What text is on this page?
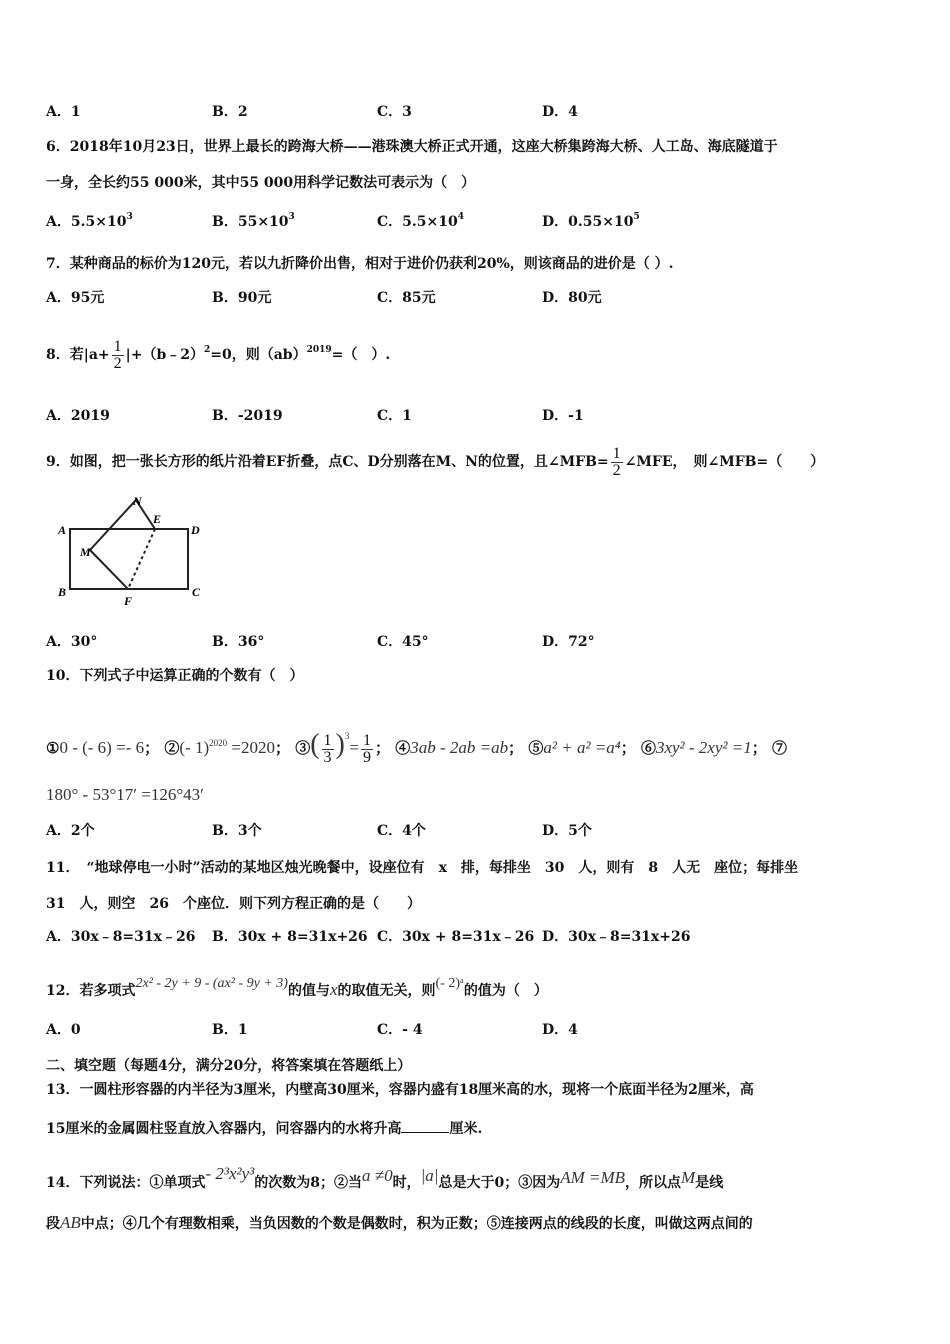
A．1	B．2	C．3	D．4
6．2018年10月23日，世界上最长的跨海大桥——港珠澳大桥正式开通，这座大桥集跨海大桥、人工岛、海底隧道于
一身，全长约55 000米，其中55 000用科学记数法可表示为（　）
A．$5.5\times 10^3$	B．$55\times 10^3$	C．$5.5\times 10^4$	D．$0.55\times 10^5$
7．某种商品的标价为120元，若以九折降价出售，相对于进价仍获利20%，则该商品的进价是（ ）.
A．95元	B．90元	C．85元	D．80元
8．若$|a+ \frac{1}{2}$ |+（b﹣2）$^2$=0，则（ab）$^{2019}$=（　）.
A．2019	B．-2019	C．1	D．-1
9．如图，把一张长方形的纸片沿着EF折叠，点C、D分别落在M、N的位置，且∠MFB= $\frac{1}{2}$ ∠MFE，　则∠MFB=（　　）
A
B	C
D
E
F
M
N
A．30°	B．36°	C．45°	D．72°
10．下列式子中运算正确的个数有（　）
①0 - (- 6) =- 6； ②(- 1)$^{2020}$ =2020； ③( $\frac{1}{3} )^3= \frac{1}{9}$ ； ④3ab - 2ab =ab； ⑤a² + a² =a⁴； ⑥3xy² - 2xy² =1； ⑦
180° - 53°17′ =126°43′
A．2个	B．3个	C．4个	D．5个
11．　“地球停电一小时”活动的某地区烛光晚餐中，设座位有　x　排，每排坐　30　人，则有　8　人无　座位；每排坐
31　人，则空　26　个座位．则下列方程正确的是（　　）
A．30x﹣8=31x﹣26 B．30x + 8=31x+26 C．30x + 8=31x﹣26 D．30x﹣8=31x+26
12．若多项式2x² - 2y + 9 - (ax² - 9y + 3)的值与x的取值无关，则(- 2)ᵃ的值为（　）
A．0	B．1	C．- 4	D．4
二、填空题（每题4分，满分20分，将答案填在答题纸上）
13．一圆柱形容器的内半径为3厘米，内壁高30厘米，容器内盛有18厘米高的水，现将一个底面半径为2厘米，高
15厘米的金属圆柱竖直放入容器内，问容器内的水将升高	厘米.
14．下列说法：①单项式- 2³x²y³的次数为8；②当a ≠0时，|a|总是大于0；③因为AM =MB，所以点M是线
段AB中点；④几个有理数相乘，当负因数的个数是偶数时，积为正数；⑤连接两点的线段的长度，叫做这两点间的
